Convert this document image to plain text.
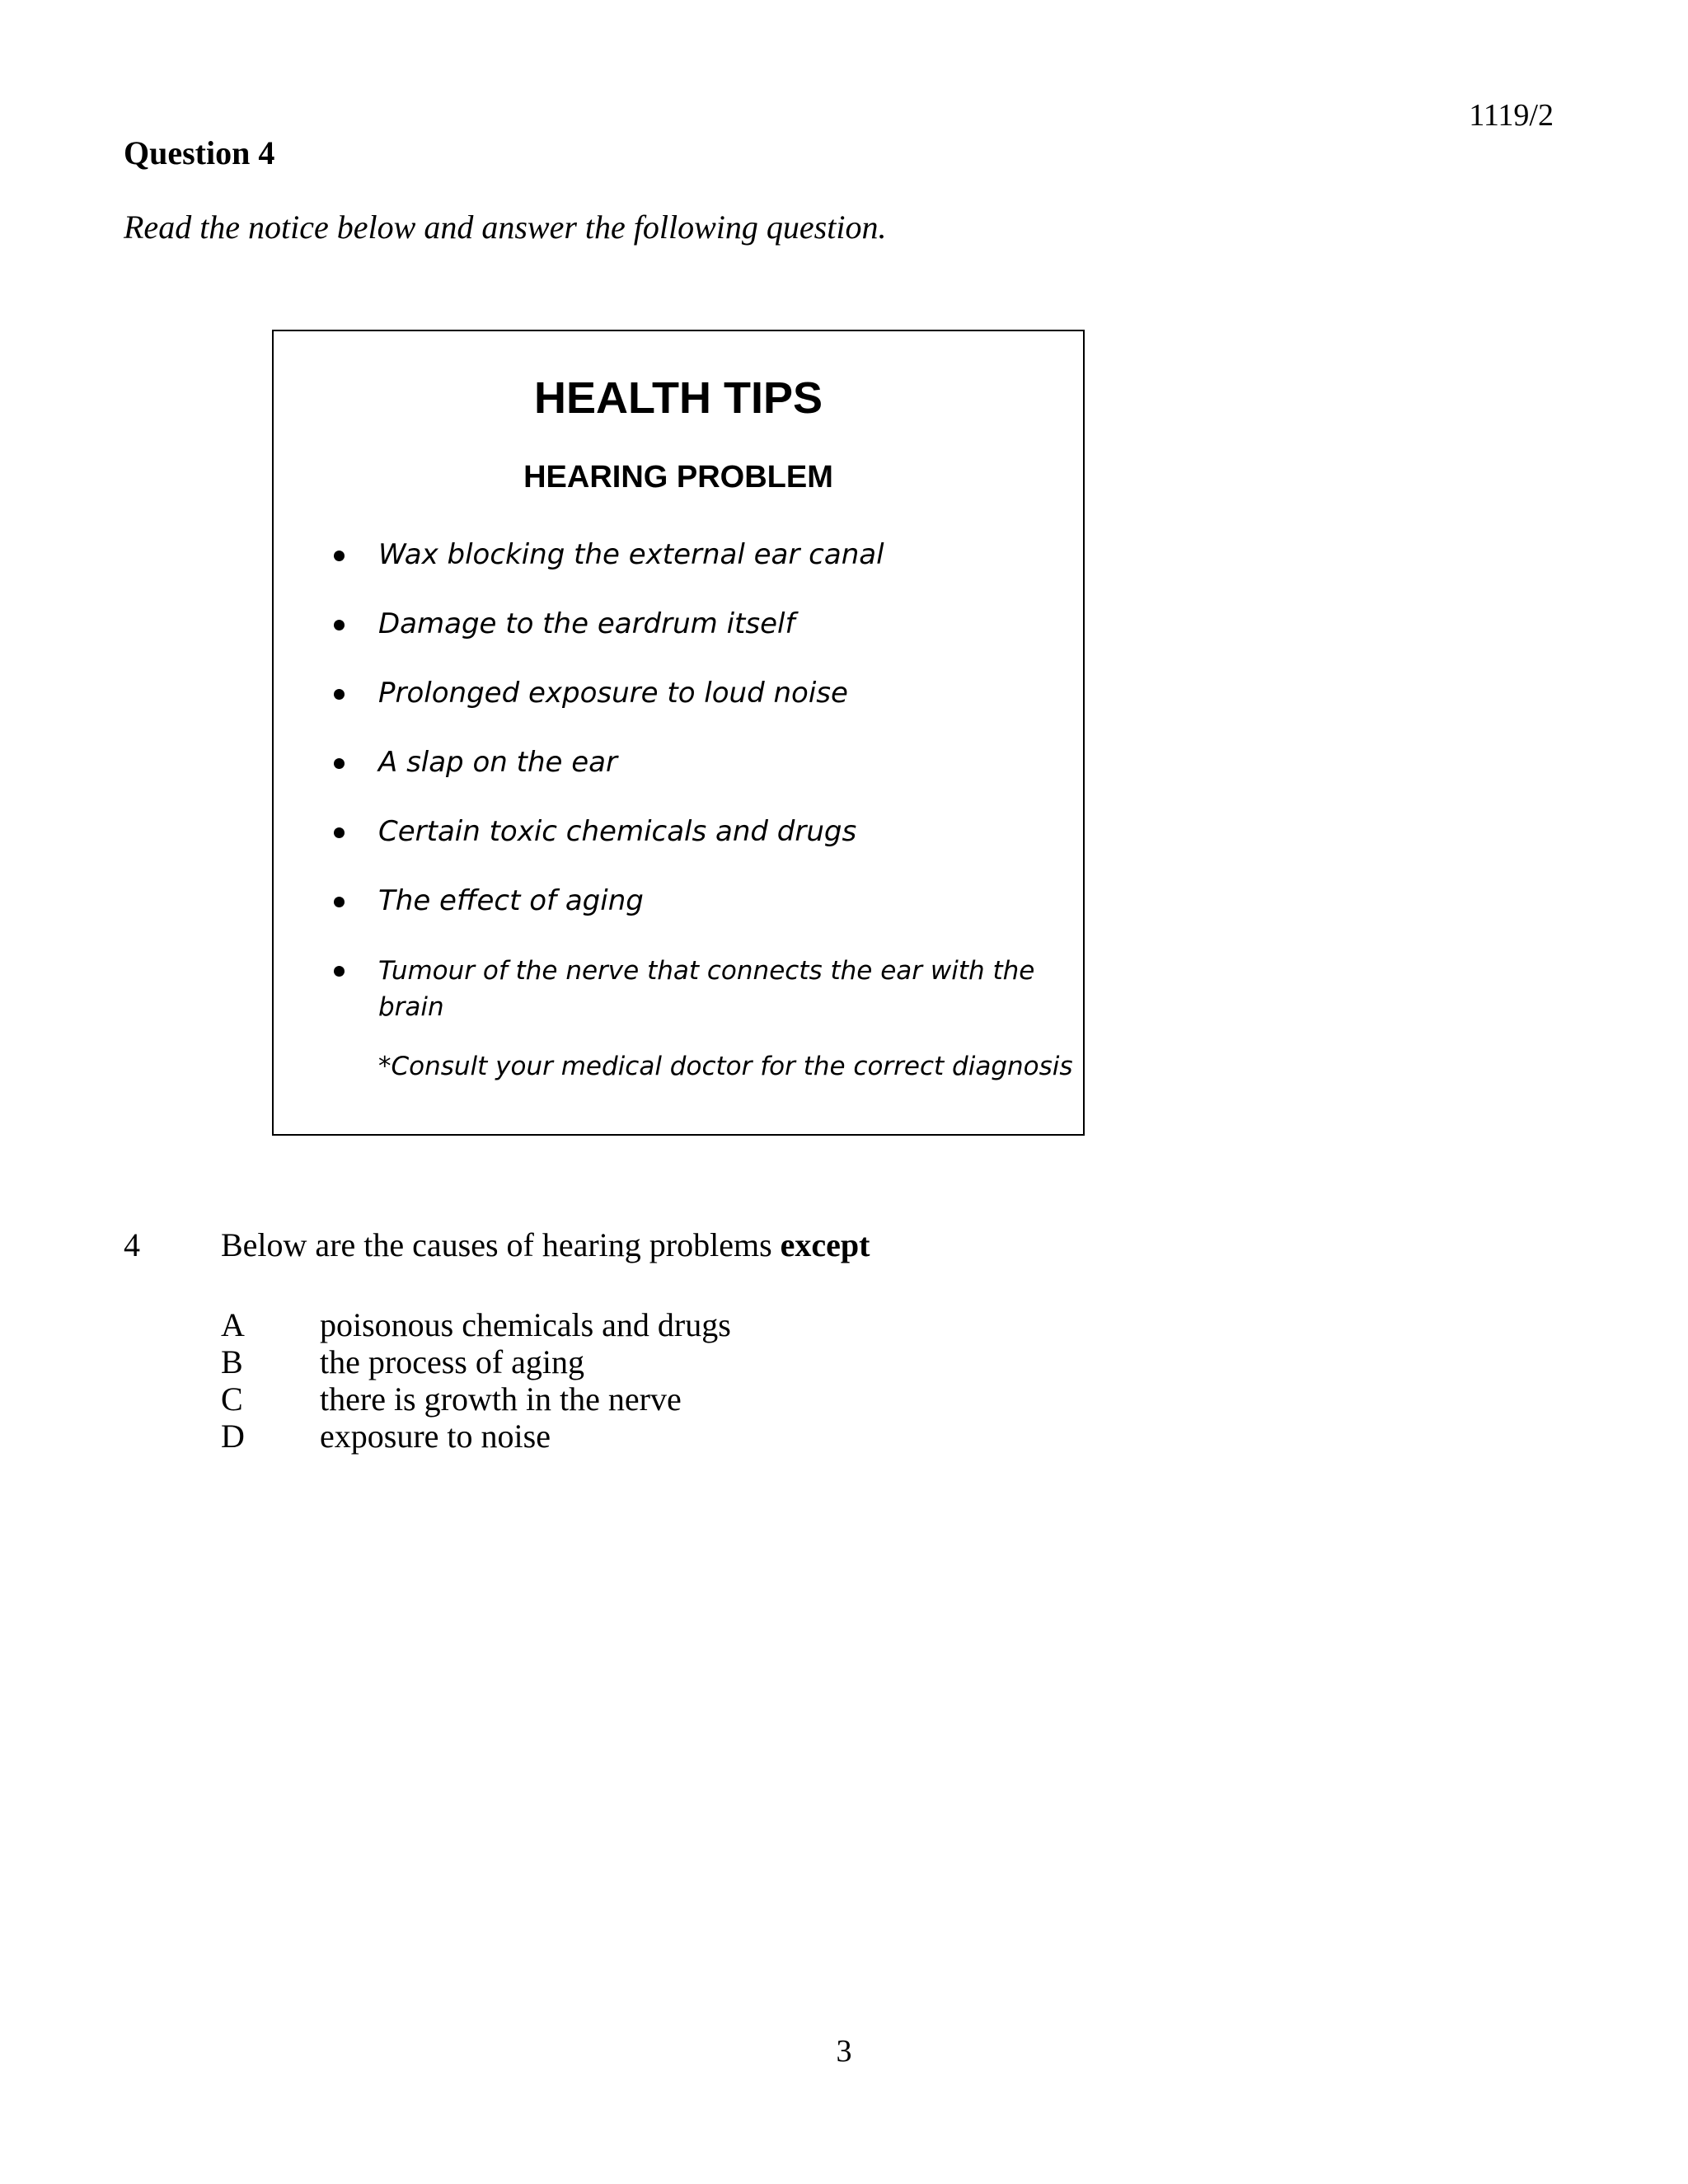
1119/2
Question 4
Read the notice below and answer the following question.
HEALTH TIPS
HEARING PROBLEM
Wax blocking the external ear canal
Damage to the eardrum itself
Prolonged exposure to loud noise
A slap on the ear
Certain toxic chemicals and drugs
The effect of aging
Tumour of the nerve that connects the ear with the brain
*Consult your medical doctor for the correct diagnosis
4 Below are the causes of hearing problems except
A poisonous chemicals and drugs
B the process of aging
C there is growth in the nerve
D exposure to noise
3
